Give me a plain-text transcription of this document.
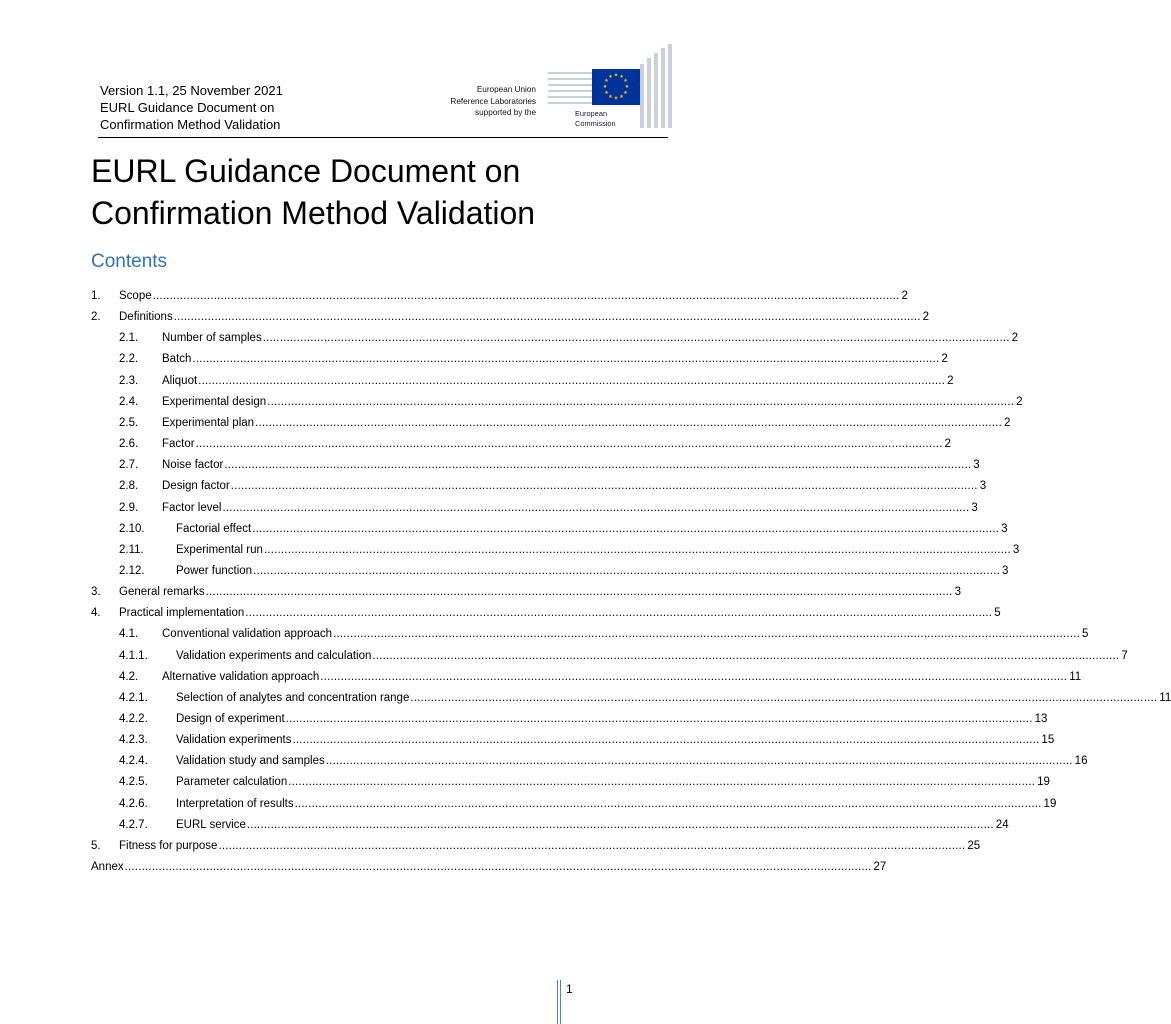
Version 1.1, 25 November 2021
EURL Guidance Document on
Confirmation Method Validation
European Union
Reference Laboratories
supported by the
★ ★
★
★
★
★
★
★
★
★
★
★
European
Commission
EURL Guidance Document on
Confirmation Method Validation
Contents
1.	Scope ............................................................................................................................................................................................................................ 2
2.	Definitions ............................................................................................................................................................................................................................ 2
2.1.	Number of samples ............................................................................................................................................................................................................................ 2
2.2.	Batch ............................................................................................................................................................................................................................ 2
2.3.	Aliquot ............................................................................................................................................................................................................................ 2
2.4.	Experimental design ............................................................................................................................................................................................................................ 2
2.5.	Experimental plan ............................................................................................................................................................................................................................ 2
2.6.	Factor ............................................................................................................................................................................................................................ 2
2.7.	Noise factor ............................................................................................................................................................................................................................ 3
2.8.	Design factor ............................................................................................................................................................................................................................ 3
2.9.	Factor level ............................................................................................................................................................................................................................ 3
2.10.	Factorial effect ............................................................................................................................................................................................................................ 3
2.11.	Experimental run ............................................................................................................................................................................................................................ 3
2.12.	Power function ............................................................................................................................................................................................................................ 3
3.	General remarks ............................................................................................................................................................................................................................ 3
4.	Practical implementation ............................................................................................................................................................................................................................ 5
4.1.	Conventional validation approach ............................................................................................................................................................................................................................ 5
4.1.1.	Validation experiments and calculation ............................................................................................................................................................................................................................ 7
4.2.	Alternative validation approach ............................................................................................................................................................................................................................ 11
4.2.1.	Selection of analytes and concentration range ............................................................................................................................................................................................................................ 11
4.2.2.	Design of experiment ............................................................................................................................................................................................................................ 13
4.2.3.	Validation experiments ............................................................................................................................................................................................................................ 15
4.2.4.	Validation study and samples ............................................................................................................................................................................................................................ 16
4.2.5.	Parameter calculation ............................................................................................................................................................................................................................ 19
4.2.6.	Interpretation of results ............................................................................................................................................................................................................................ 19
4.2.7.	EURL service ............................................................................................................................................................................................................................ 24
5.	Fitness for purpose ............................................................................................................................................................................................................................ 25
Annex ............................................................................................................................................................................................................................ 27
1
